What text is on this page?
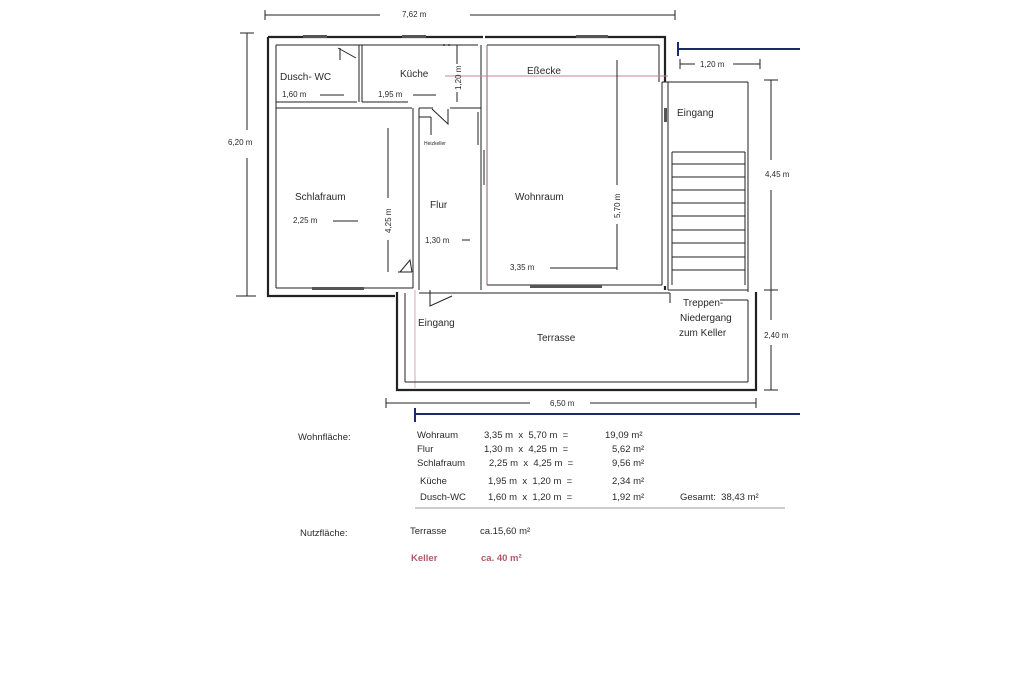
7,62 m
6,20 m
4,45 m
2,40 m
1,20 m
6,50 m
Dusch- WC	Küche	Eßecke
Eingang
Schlafraum
Flur
Heizkeller
Wohnraum
Eingang
Terrasse
Treppen-
Niedergang
zum Keller
1,60 m	1,95 m
1,20 m
2,25 m	4,25 m
1,30 m
5,70 m
3,35 m
Wohnfläche:	Wohraum	3,35 m  x  5,70 m  =	19,09 m²
Flur	1,30 m  x  4,25 m  =	5,62 m²
Schlafraum	2,25 m  x  4,25 m  =	9,56 m²
Küche	1,95 m  x  1,20 m  =	2,34 m²
Dusch-WC 1,60 m  x  1,20 m  =	1,92 m²	Gesamt:  38,43 m²
Nutzfläche:	Terrasse	ca.15,60 m²
Keller	ca. 40 m²
